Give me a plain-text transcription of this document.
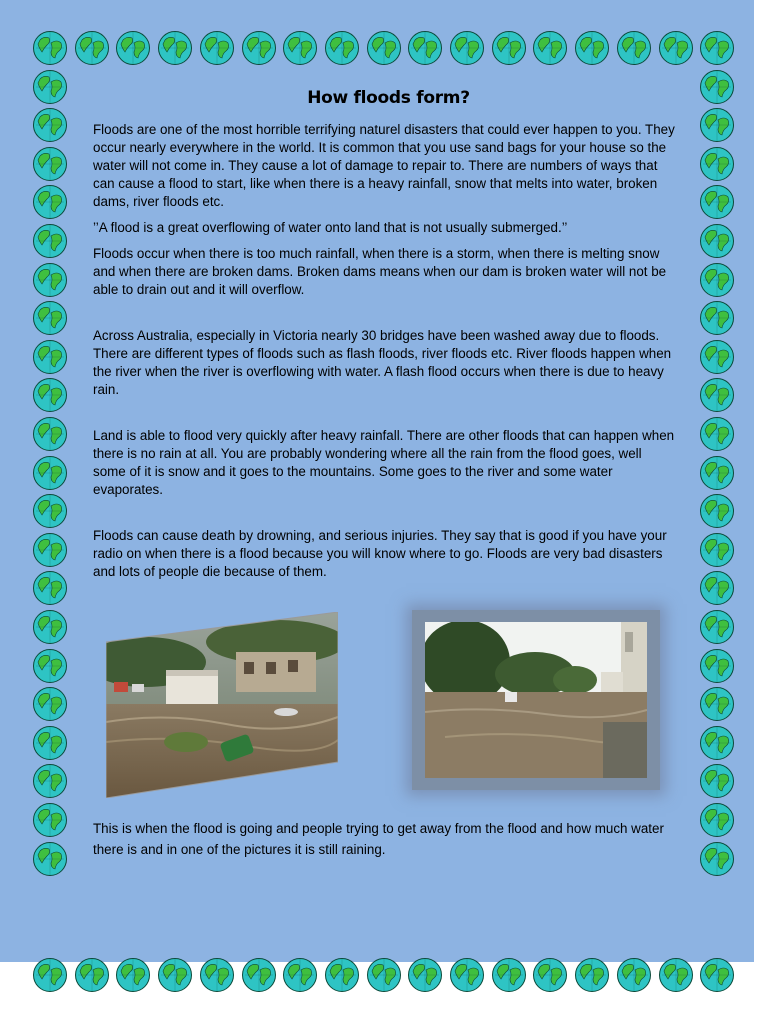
How floods form?

Floods are one of the most horrible terrifying naturel disasters that could ever happen to you. They occur nearly everywhere in the world. It is common that you use sand bags for your house so the water will not come in. They cause a lot of damage to repair to. There are numbers of ways that can cause a flood to start, like when there is a heavy rainfall, snow that melts into water, broken dams, river floods etc.

’’A flood is a great overflowing of water onto land that is not usually submerged.’’

Floods occur when there is too much rainfall, when there is a storm, when there is melting snow and when there are broken dams. Broken dams means when our dam is broken water will not be able to drain out and it will overflow.

Across Australia, especially in Victoria nearly 30 bridges have been washed away due to floods. There are different types of floods such as flash floods, river floods etc. River floods happen when the river when the river is overflowing with water. A flash flood occurs when there is due to heavy rain.

Land is able to flood very quickly after heavy rainfall. There are other floods that can happen when there is no rain at all. You are probably wondering where all the rain from the flood goes, well some of it is snow and it goes to the mountains. Some goes to the river and some water evaporates.

Floods can cause death by drowning, and serious injuries. They say that is good if you have your radio on when there is a flood because you will know where to go. Floods are very bad disasters and lots of people die because of them.

This is when the flood is going and people trying to get away from the flood and how much water there is and in one of the pictures it is still raining.
